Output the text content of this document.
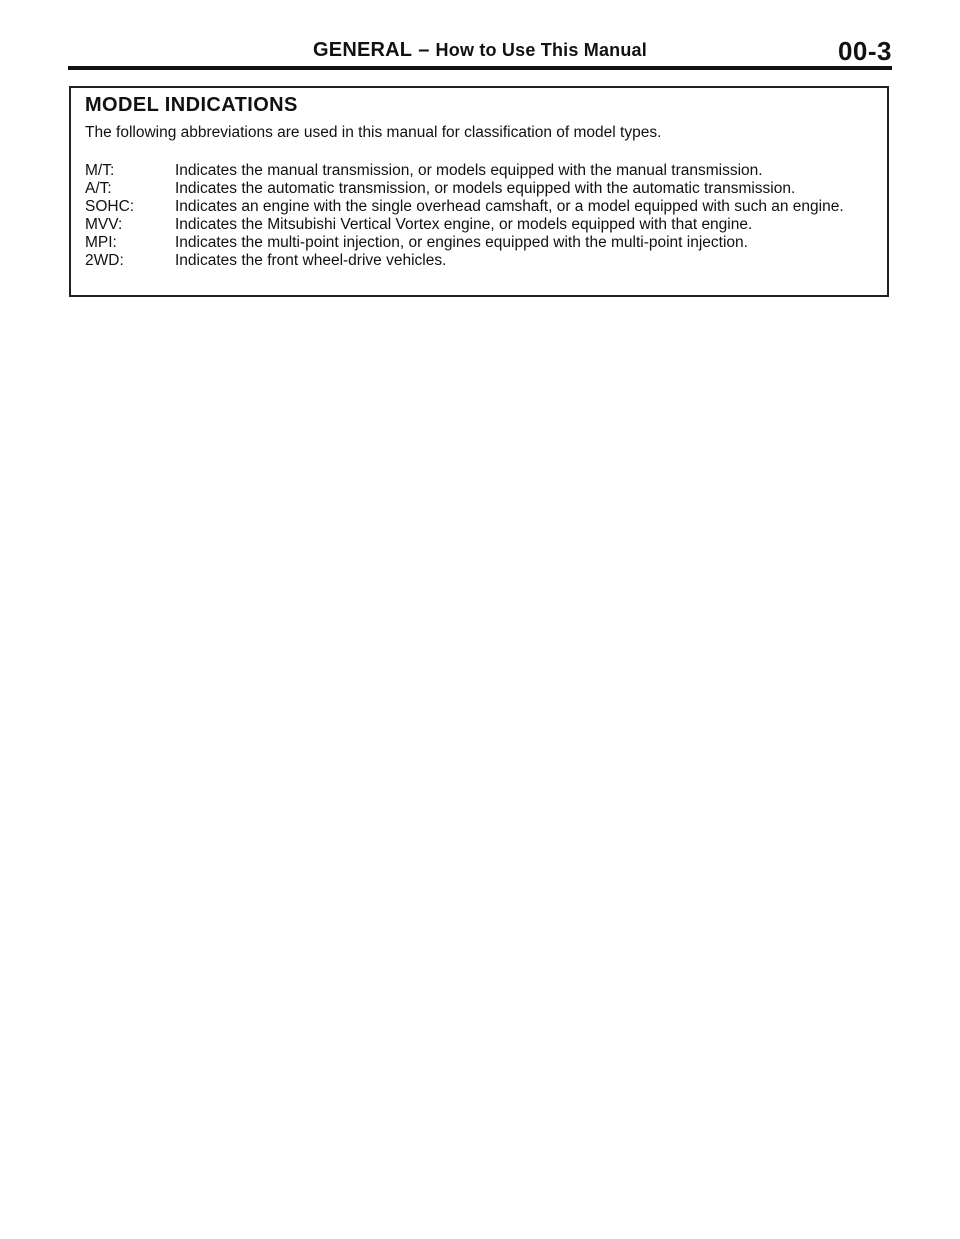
GENERAL – How to Use This Manual	00-3
MODEL INDICATIONS
The following abbreviations are used in this manual for classification of model types.
M/T:	Indicates the manual transmission, or models equipped with the manual transmission.
A/T:	Indicates the automatic transmission, or models equipped with the automatic transmission.
SOHC:	Indicates an engine with the single overhead camshaft, or a model equipped with such an engine.
MVV:	Indicates the Mitsubishi Vertical Vortex engine, or models equipped with that engine.
MPI:	Indicates the multi-point injection, or engines equipped with the multi-point injection.
2WD:	Indicates the front wheel-drive vehicles.
